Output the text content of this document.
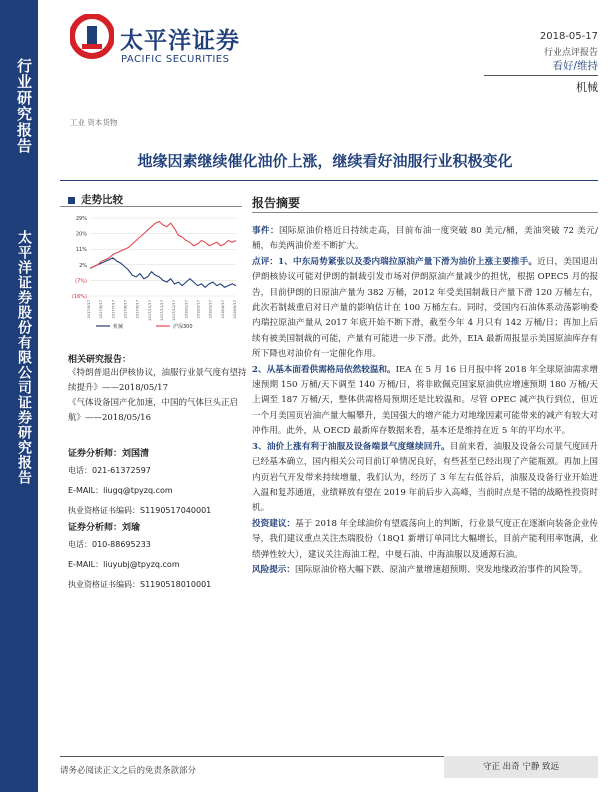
行业研究报告
太平洋证券股份有限公司证券研究报告
太平洋证券
PACIFIC SECURITIES
2018-05-17
行业点评报告
看好/维持
机械
工业 资本货物
地缘因素继续催化油价上涨，继续看好油服行业积极变化
走势比较
29%
20%
11%
2%
(7%)
(16%)
2017/5/17 2017/6/17 2017/7/17 2017/8/17 2017/9/17 2017/10/17 2017/11/17 2017/12/17 2018/1/17 2018/2/17 2018/3/17 2018/4/17 2018/5/17
机械	沪深300
相关研究报告：
《特朗普退出伊核协议，油服行业景气度有望持续提升》——2018/05/17
《气体设备国产化加速，中国的气体巨头正启航》——2018/05/16
证券分析师：刘国清
电话：021-61372597
E-MAIL：liugq@tpyzq.com
执业资格证书编码：S1190517040001
证券分析师：刘瑜
电话：010-88695233
E-MAIL：liuyubj@tpyzq.com
执业资格证书编码：S1190518010001
报告摘要

事件：国际原油价格近日持续走高，目前布油一度突破 80 美元/桶，美油突破 72 美元/桶，布美两油价差不断扩大。

点评：1、中东局势紧张以及委内瑞拉原油产量下滑为油价上涨主要推手。近日，美国退出伊朗核协议可能对伊朗的制裁引发市场对伊朗原油产量减少的担忧，根据 OPEC5 月的报告，目前伊朗的日原油产量为 382 万桶，2012 年受美国制裁日产量下滑 120 万桶左右，此次若制裁重启对日产量的影响估计在 100 万桶左右。同时，受国内石油体系动荡影响委内瑞拉原油产量从 2017 年底开始不断下滑，截至今年 4 月只有 142 万桶/日；再加上后续有被美国制裁的可能，产量有可能进一步下滑。此外，EIA 最新周报显示美国原油库存有所下降也对油价有一定催化作用。

2、从基本面看供需格局依然较温和。IEA 在 5 月 16 日月报中将 2018 年全球原油需求增速预期 150 万桶/天下调至 140 万桶/日，将非欧佩克国家原油供应增速预期 180 万桶/天上调至 187 万桶/天，整体供需格局预期还是比较温和。尽管 OPEC 减产执行到位，但近一个月美国页岩油产量大幅攀升，美国强大的增产能力对地缘因素可能带来的减产有较大对冲作用。此外，从 OECD 最新库存数据来看，基本还是维持在近 5 年的平均水平。

3、油价上涨有利于油服及设备端景气度继续回升。目前来看，油服及设备公司景气度回升已经基本确立，国内相关公司目前订单情况良好，有些甚至已经出现了产能瓶颈。再加上国内页岩气开发带来持续增量，我们认为，经历了 3 年左右低谷后，油服及设备行业开始进入温和复苏通道，业绩释放有望在 2019 年前后步入高峰，当前时点是不错的战略性投资时机。

投资建议：基于 2018 年全球油价有望震荡向上的判断，行业景气度正在逐渐向装备企业传导，我们建议重点关注杰瑞股份（18Q1 新增订单同比大幅增长，目前产能利用率饱满，业绩弹性较大），建议关注海油工程，中曼石油、中海油服以及通源石油。

风险提示：国际原油价格大幅下跌、原油产量增速超预期、突发地缘政治事件的风险等。

请务必阅读正文之后的免责条款部分	守正 出奇 宁静 致远
